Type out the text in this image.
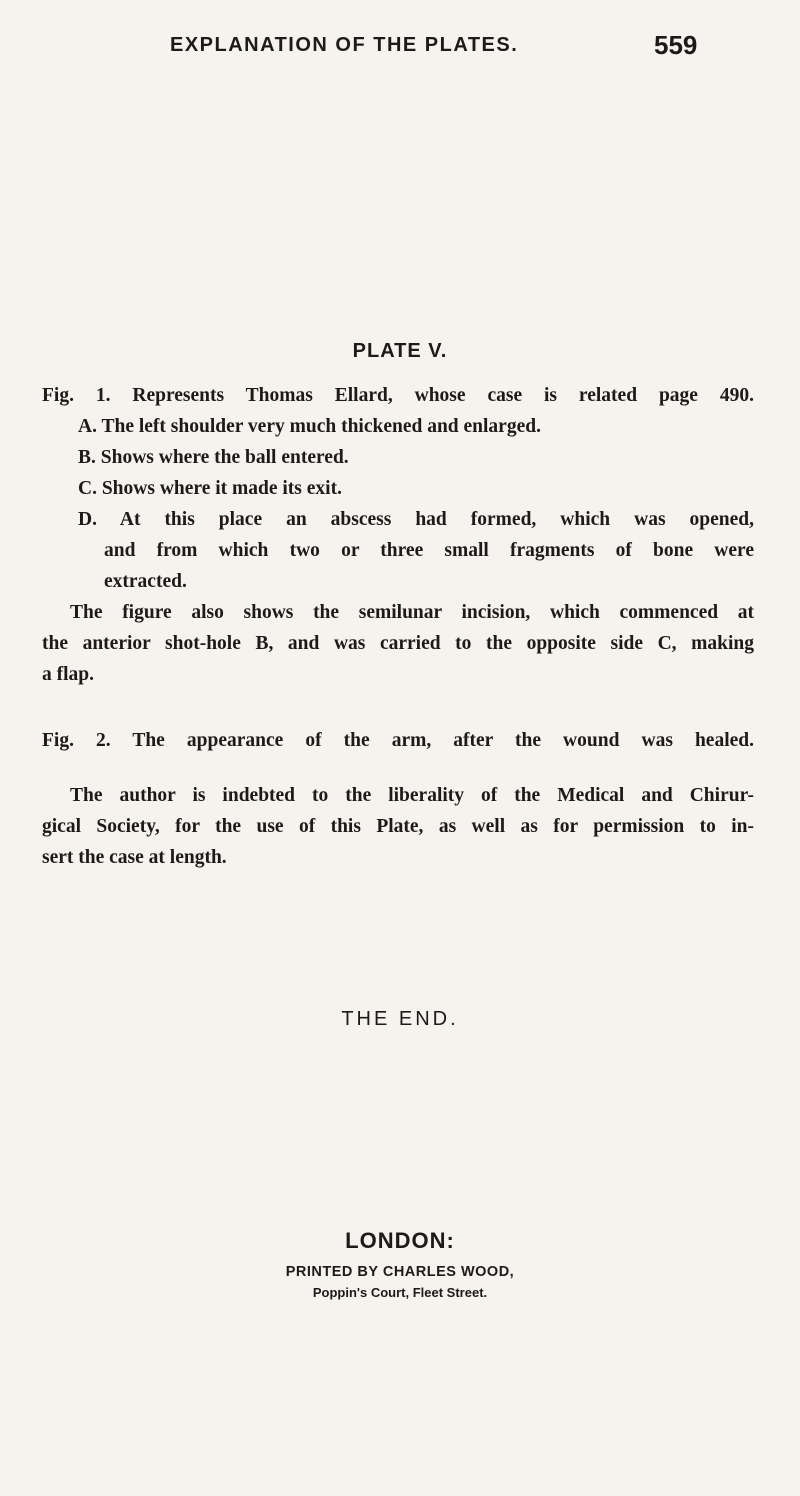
EXPLANATION OF THE PLATES.	559
PLATE V.
Fig. 1. Represents Thomas Ellard, whose case is related page 490.
A. The left shoulder very much thickened and enlarged.
B. Shows where the ball entered.
C. Shows where it made its exit.
D. At this place an abscess had formed, which was opened,
and from which two or three small fragments of bone were
extracted.
The figure also shows the semilunar incision, which commenced at
the anterior shot-hole B, and was carried to the opposite side C, making
a flap.
Fig. 2. The appearance of the arm, after the wound was healed.
The author is indebted to the liberality of the Medical and Chirur-
gical Society, for the use of this Plate, as well as for permission to in-
sert the case at length.
THE END.
LONDON:
PRINTED BY CHARLES WOOD,
Poppin's Court, Fleet Street.
